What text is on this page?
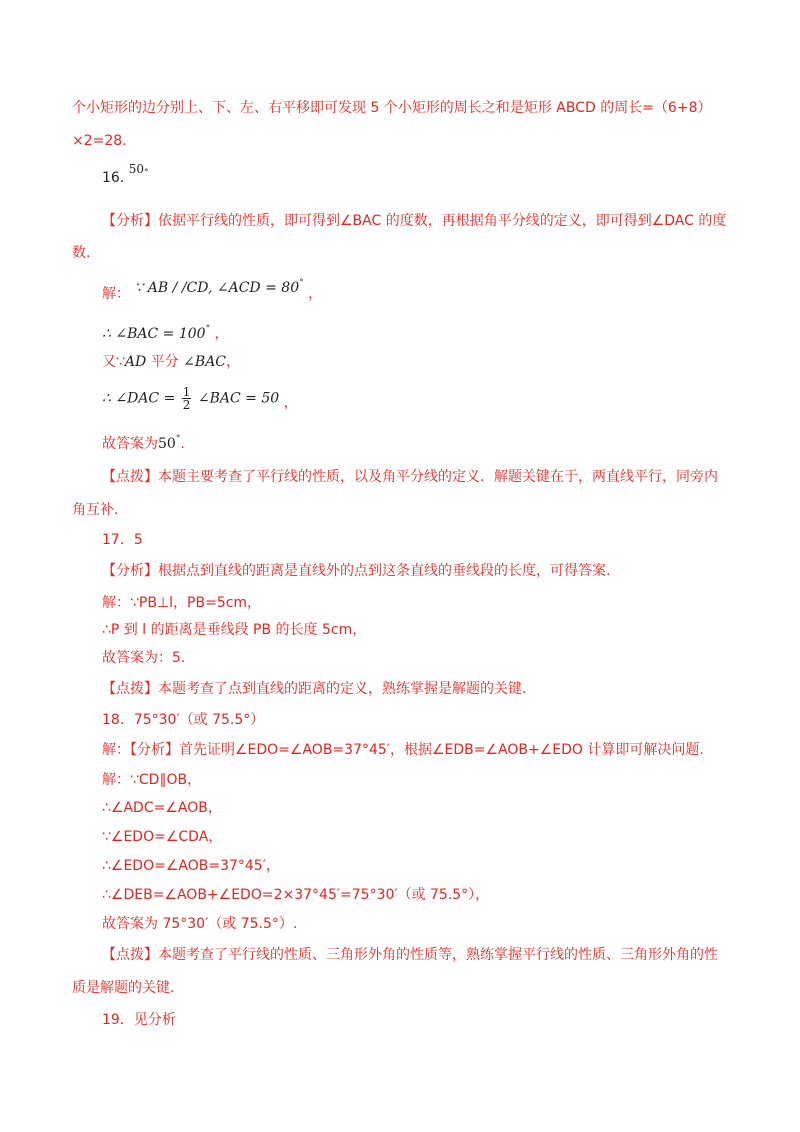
个小矩形的边分别上、下、左、右平移即可发现 5 个小矩形的周长之和是矩形 ABCD 的周长=（6+8）
×2=28.
16. 50°
【分析】依据平行线的性质，即可得到∠BAC 的度数，再根据角平分线的定义，即可得到∠DAC 的度
数.
解： ∵ AB / /CD, ∠ACD = 80° ，
∴ ∠BAC = 100° ，
又∵AD 平分 ∠BAC，
∴ ∠DAC = $\frac{1}{2}$ ∠BAC = 50 ，
故答案为50°.
【点拨】本题主要考查了平行线的性质，以及角平分线的定义．解题关键在于，两直线平行，同旁内
角互补.
17．5
【分析】根据点到直线的距离是直线外的点到这条直线的垂线段的长度，可得答案.
解：∵PB⊥l，PB=5cm，
∴P 到 l 的距离是垂线段 PB 的长度 5cm，
故答案为：5.
【点拨】本题考查了点到直线的距离的定义，熟练掌握是解题的关键.
18．75°30′（或 75.5°）
解：【分析】首先证明∠EDO=∠AOB=37°45′，根据∠EDB=∠AOB+∠EDO 计算即可解决问题.
解：∵CD∥OB，
∴∠ADC=∠AOB，
∵∠EDO=∠CDA，
∴∠EDO=∠AOB=37°45′，
∴∠DEB=∠AOB+∠EDO=2×37°45′=75°30′（或 75.5°），
故答案为 75°30′（或 75.5°）.
【点拨】本题考查了平行线的性质、三角形外角的性质等，熟练掌握平行线的性质、三角形外角的性
质是解题的关键.
19．见分析
